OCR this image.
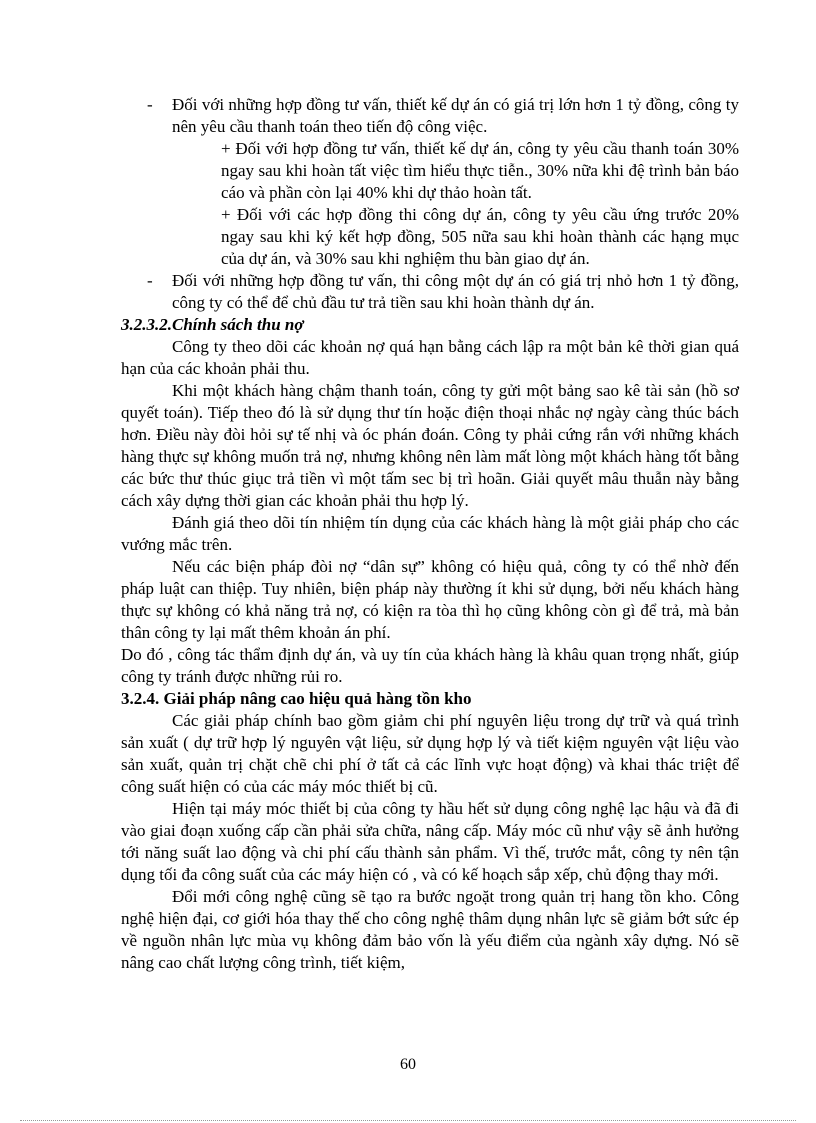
- Đối với những hợp đồng tư vấn, thiết kế dự án có giá trị lớn hơn 1 tỷ đồng, công ty nên yêu cầu thanh toán theo tiến độ công việc.
+ Đối với hợp đồng tư vấn, thiết kế dự án, công ty yêu cầu thanh toán 30% ngay sau khi hoàn tất việc tìm hiểu thực tiễn., 30% nữa khi đệ trình bản báo cáo và phần còn lại 40% khi dự thảo hoàn tất.
+ Đối với các hợp đồng thi công dự án, công ty yêu cầu ứng trước 20% ngay sau khi ký kết hợp đồng, 505 nữa sau khi hoàn thành các hạng mục của dự án, và 30% sau khi nghiệm thu bàn giao dự án.
- Đối với những hợp đồng tư vấn, thi công một dự án có giá trị nhỏ hơn 1 tỷ đồng, công ty có thể để chủ đầu tư trả tiền sau khi hoàn thành dự án.

3.2.3.2.Chính sách thu nợ

Công ty theo dõi các khoản nợ quá hạn bằng cách lập ra một bản kê thời gian quá hạn của các khoản phải thu.

Khi một khách hàng chậm thanh toán, công ty gửi một bảng sao kê tài sản (hồ sơ quyết toán). Tiếp theo đó là sử dụng thư tín hoặc điện thoại nhắc nợ ngày càng thúc bách hơn. Điều này đòi hỏi sự tế nhị và óc phán đoán. Công ty phải cứng rắn với những khách hàng thực sự không muốn trả nợ, nhưng không nên làm mất lòng một khách hàng tốt bằng các bức thư thúc giục trả tiền vì một tấm sec bị trì hoãn. Giải quyết mâu thuẫn này bằng cách xây dựng thời gian các khoản phải thu hợp lý.

Đánh giá theo dõi tín nhiệm tín dụng của các khách hàng là một giải pháp cho các vướng mắc trên.

Nếu các biện pháp đòi nợ “dân sự” không có hiệu quả, công ty có thể nhờ đến pháp luật can thiệp. Tuy nhiên, biện pháp này thường ít khi sử dụng, bởi nếu khách hàng thực sự không có khả năng trả nợ, có kiện ra tòa thì họ cũng không còn gì để trả, mà bản thân công ty lại mất thêm khoản án phí.

Do đó , công tác thẩm định dự án, và uy tín của khách hàng là khâu quan trọng nhất, giúp công ty tránh được những rủi ro.

3.2.4. Giải pháp nâng cao hiệu quả hàng tồn kho

Các giải pháp chính bao gồm giảm chi phí nguyên liệu trong dự trữ và quá trình sản xuất ( dự trữ hợp lý nguyên vật liệu, sử dụng hợp lý và tiết kiệm nguyên vật liệu vào sản xuất, quản trị chặt chẽ chi phí ở tất cả các lĩnh vực hoạt động) và khai thác triệt để công suất hiện có của các máy móc thiết bị cũ.

Hiện tại máy móc thiết bị của công ty hầu hết sử dụng công nghệ lạc hậu và đã đi vào giai đoạn xuống cấp cần phải sửa chữa, nâng cấp. Máy móc cũ như vậy sẽ ảnh hưởng tới năng suất lao động và chi phí cấu thành sản phẩm. Vì thế, trước mắt, công ty nên tận dụng tối đa công suất của các máy hiện có , và có kế hoạch sắp xếp, chủ động thay mới.

Đổi mới công nghệ cũng sẽ tạo ra bước ngoặt trong quản trị hang tồn kho. Công nghệ hiện đại, cơ giới hóa thay thế cho công nghệ thâm dụng nhân lực sẽ giảm bớt sức ép về nguồn nhân lực mùa vụ không đảm bảo vốn là yếu điểm của ngành xây dựng. Nó sẽ nâng cao chất lượng công trình, tiết kiệm,

60
